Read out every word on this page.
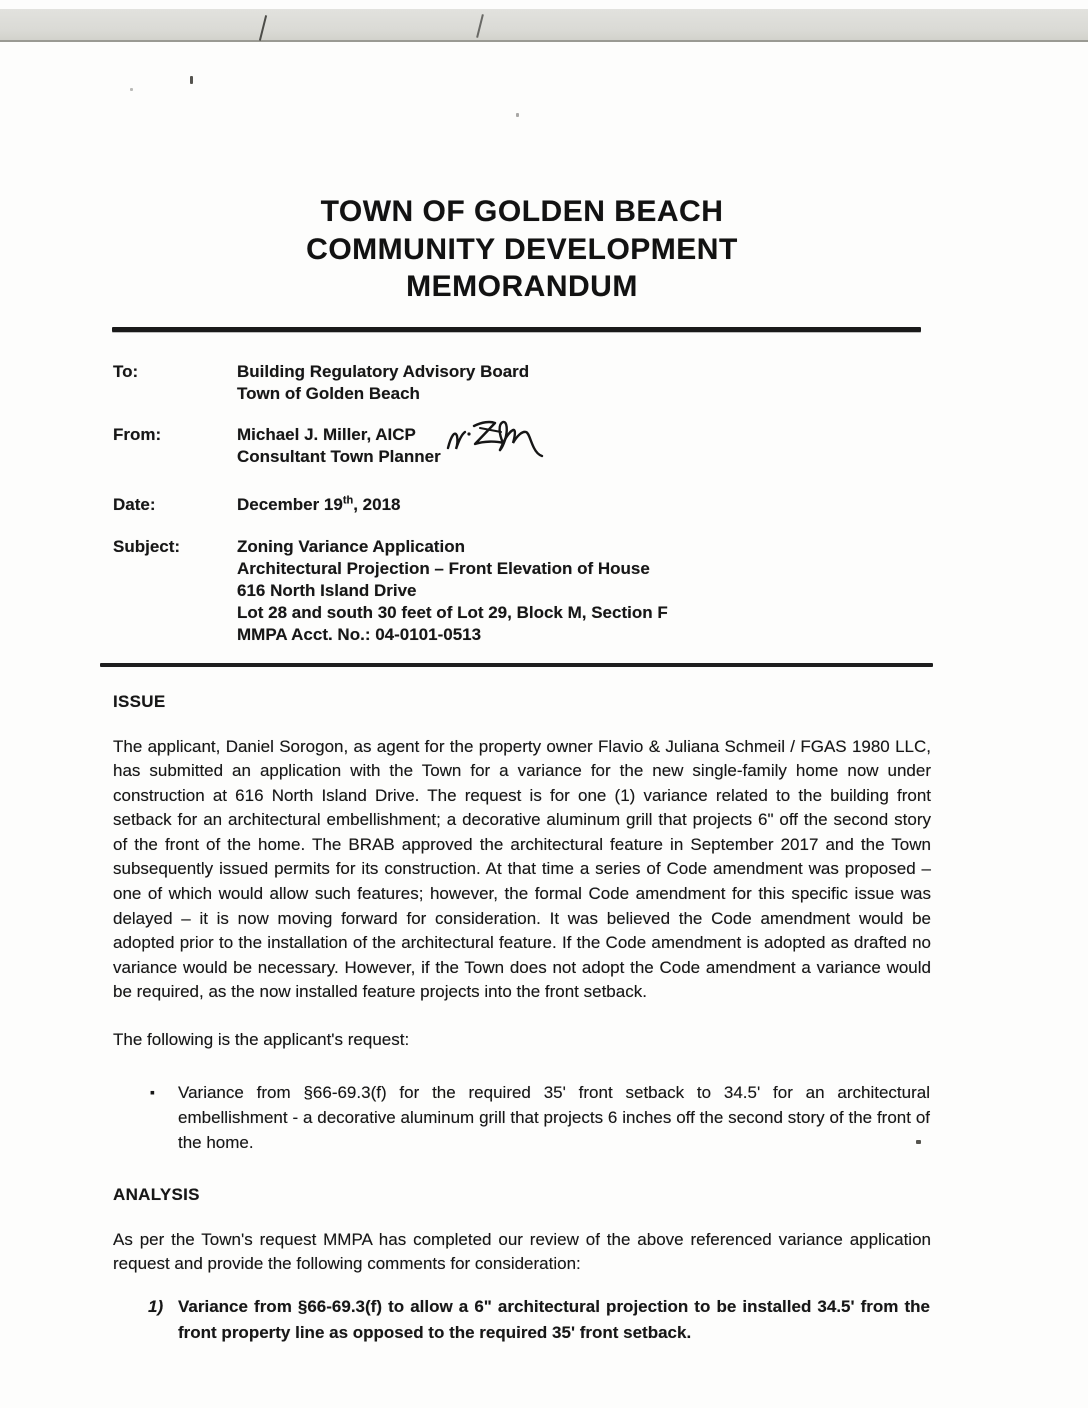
TOWN OF GOLDEN BEACH
COMMUNITY DEVELOPMENT
MEMORANDUM
To:	Building Regulatory Advisory Board
Town of Golden Beach
From:	Michael J. Miller, AICP
Consultant Town Planner
Date:	December 19th, 2018
Subject:	Zoning Variance Application
Architectural Projection – Front Elevation of House
616 North Island Drive
Lot 28 and south 30 feet of Lot 29, Block M, Section F
MMPA Acct. No.: 04-0101-0513
ISSUE

The applicant, Daniel Sorogon, as agent for the property owner Flavio & Juliana Schmeil / FGAS 1980 LLC, has submitted an application with the Town for a variance for the new single-family home now under construction at 616 North Island Drive. The request is for one (1) variance related to the building front setback for an architectural embellishment; a decorative aluminum grill that projects 6" off the second story of the front of the home. The BRAB approved the architectural feature in September 2017 and the Town subsequently issued permits for its construction. At that time a series of Code amendment was proposed – one of which would allow such features; however, the formal Code amendment for this specific issue was delayed – it is now moving forward for consideration. It was believed the Code amendment would be adopted prior to the installation of the architectural feature. If the Code amendment is adopted as drafted no variance would be necessary. However, if the Town does not adopt the Code amendment a variance would be required, as the now installed feature projects into the front setback.

The following is the applicant's request:

▪	Variance from §66-69.3(f) for the required 35' front setback to 34.5' for an architectural embellishment - a decorative aluminum grill that projects 6 inches off the second story of the front of the home.
ANALYSIS

As per the Town's request MMPA has completed our review of the above referenced variance application request and provide the following comments for consideration:

1) Variance from §66-69.3(f) to allow a 6" architectural projection to be installed 34.5' from the front property line as opposed to the required 35' front setback.
